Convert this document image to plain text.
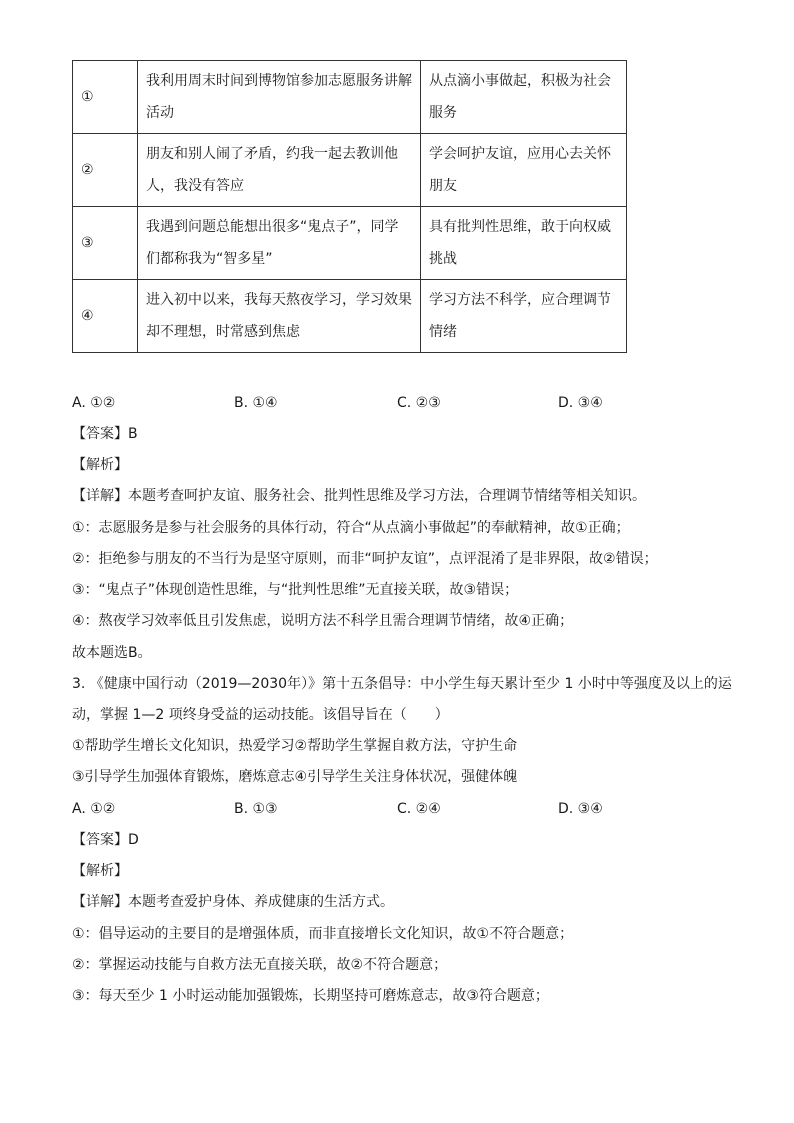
①	我利用周末时间到博物馆参加志愿服务讲解活动	从点滴小事做起，积极为社会服务
②	朋友和别人闹了矛盾，约我一起去教训他人，我没有答应	学会呵护友谊，应用心去关怀朋友
③	我遇到问题总能想出很多“鬼点子”，同学们都称我为“智多星”	具有批判性思维，敢于向权威挑战
④	进入初中以来，我每天熬夜学习，学习效果却不理想，时常感到焦虑	学习方法不科学，应合理调节情绪
A. ①②	B. ①④	C. ②③	D. ③④
【答案】B
【解析】
【详解】本题考查呵护友谊、服务社会、批判性思维及学习方法，合理调节情绪等相关知识。
①：志愿服务是参与社会服务的具体行动，符合“从点滴小事做起”的奉献精神，故①正确；
②：拒绝参与朋友的不当行为是坚守原则，而非“呵护友谊”，点评混淆了是非界限，故②错误；
③：“鬼点子”体现创造性思维，与“批判性思维”无直接关联，故③错误；
④：熬夜学习效率低且引发焦虑，说明方法不科学且需合理调节情绪，故④正确；
故本题选B。
3. 《健康中国行动（2019—2030年）》第十五条倡导：中小学生每天累计至少 1 小时中等强度及以上的运
动，掌握 1—2 项终身受益的运动技能。该倡导旨在（　　）
①帮助学生增长文化知识，热爱学习②帮助学生掌握自救方法，守护生命
③引导学生加强体育锻炼，磨炼意志④引导学生关注身体状况，强健体魄
A. ①②	B. ①③	C. ②④	D. ③④
【答案】D
【解析】
【详解】本题考查爱护身体、养成健康的生活方式。
①：倡导运动的主要目的是增强体质，而非直接增长文化知识，故①不符合题意；
②：掌握运动技能与自救方法无直接关联，故②不符合题意；
③：每天至少 1 小时运动能加强锻炼，长期坚持可磨炼意志，故③符合题意；
